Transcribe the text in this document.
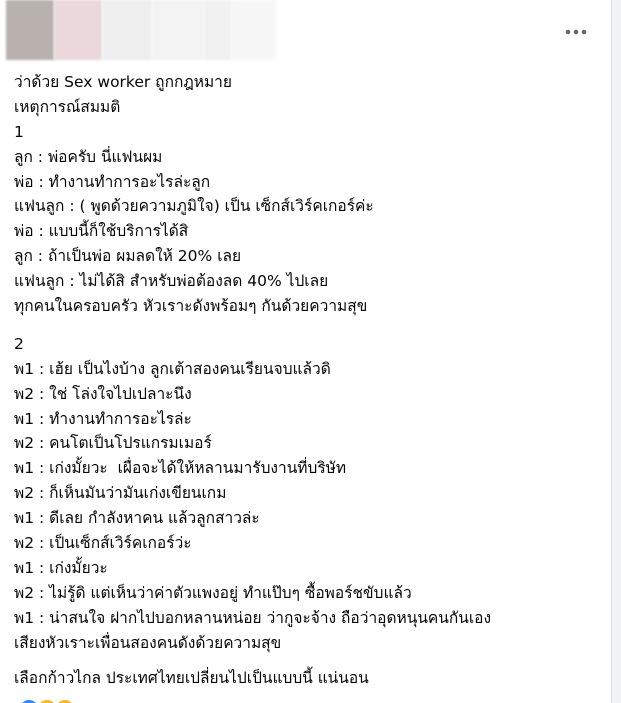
ว่าด้วย Sex worker ถูกกฎหมาย
เหตุการณ์สมมติ
1
ลูก : พ่อครับ นี่แฟนผม
พ่อ : ทำงานทำการอะไรล่ะลูก
แฟนลูก : ( พูดด้วยความภูมิใจ) เป็น เซ็กส์เวิร์คเกอร์ค่ะ
พ่อ : แบบนี้ก็ใช้บริการได้สิ
ลูก : ถ้าเป็นพ่อ ผมลดให้ 20% เลย
แฟนลูก : ไม่ได้สิ สำหรับพ่อต้องลด 40% ไปเลย
ทุกคนในครอบครัว หัวเราะดังพร้อมๆ กันด้วยความสุข
2
พ1 : เฮ้ย เป็นไงบ้าง ลูกเต้าสองคนเรียนจบแล้วดิ
พ2 : ใช่ โล่งใจไปเปลาะนึง
พ1 : ทำงานทำการอะไรล่ะ
พ2 : คนโตเป็นโปรแกรมเมอร์
พ1 : เก่งมั้ยวะ  เผื่อจะได้ให้หลานมารับงานที่บริษัท
พ2 : ก็เห็นมันว่ามันเก่งเขียนเกม
พ1 : ดีเลย กำลังหาคน แล้วลูกสาวล่ะ
พ2 : เป็นเซ็กส์เวิร์คเกอร์ว่ะ
พ1 : เก่งมั้ยวะ
พ2 : ไม่รู้ดิ แต่เห็นว่าค่าตัวแพงอยู่ ทำแป๊บๆ ซื้อพอร์ชขับแล้ว
พ1 : น่าสนใจ ฝากไปบอกหลานหน่อย ว่ากูจะจ้าง ถือว่าอุดหนุนคนกันเอง
เสียงหัวเราะเพื่อนสองคนดังด้วยความสุข
เลือกก้าวไกล ประเทศไทยเปลี่ยนไปเป็นแบบนี้ แน่นอน
